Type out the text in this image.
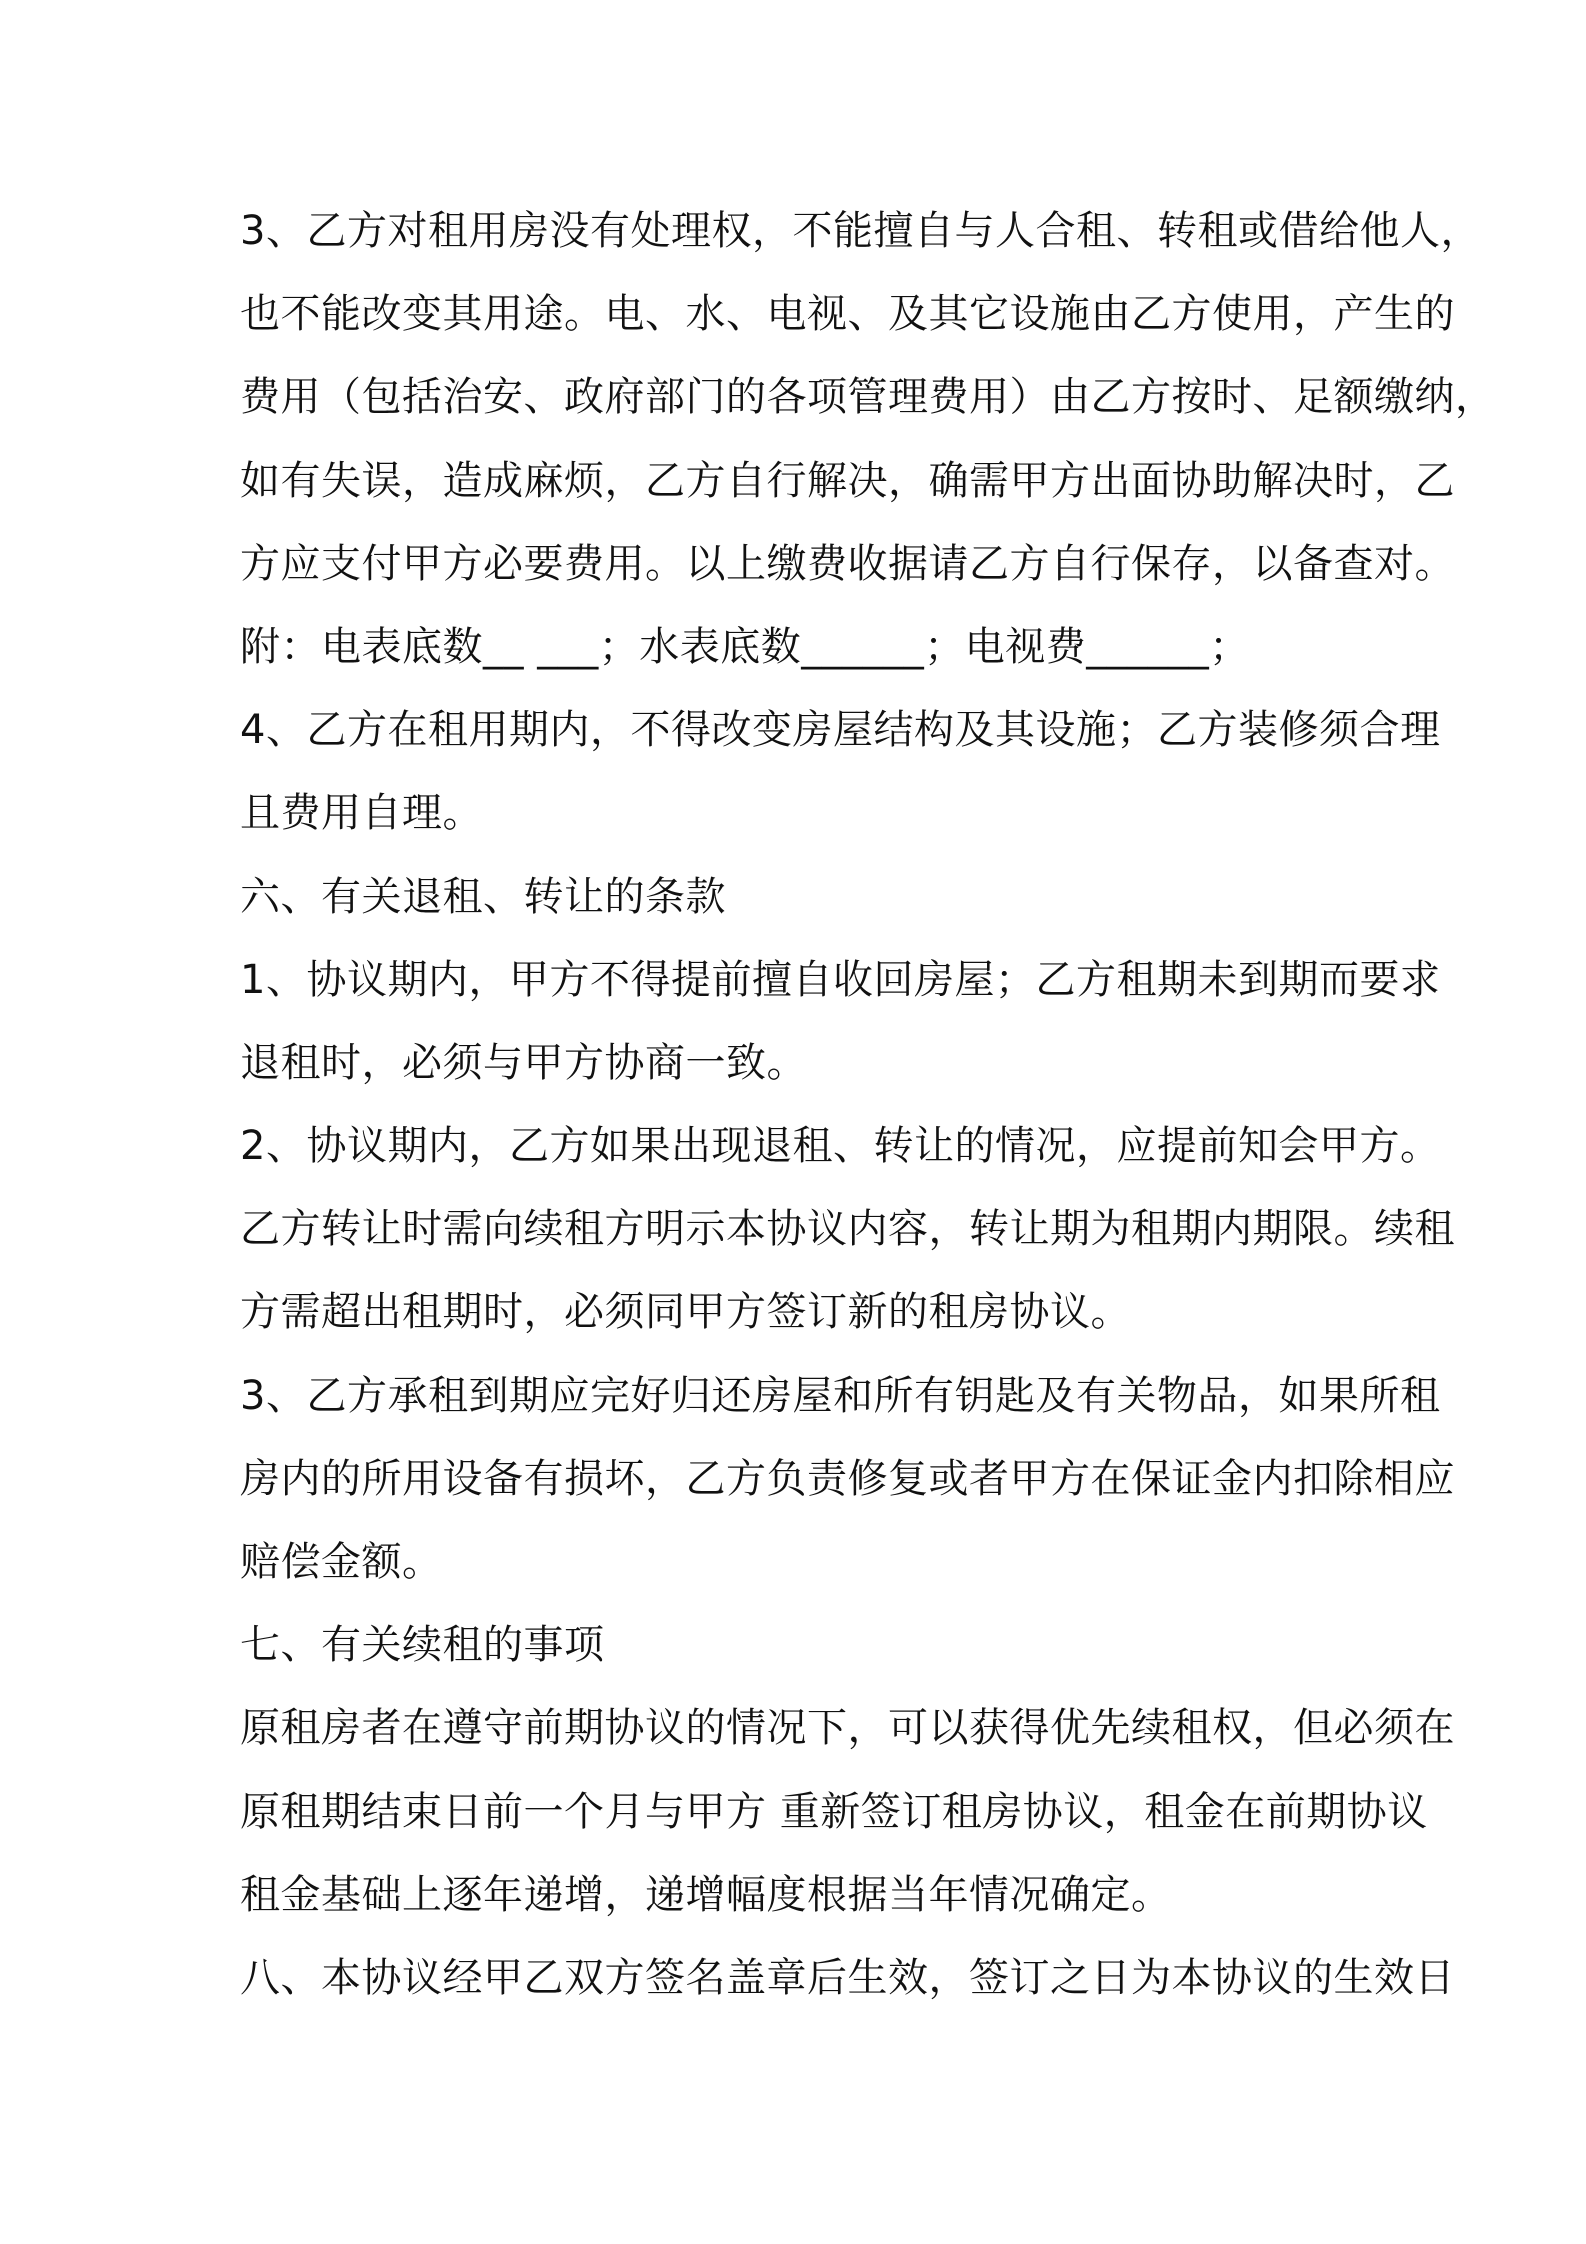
3、乙方对租用房没有处理权，不能擅自与人合租、转租或借给他人，
也不能改变其用途。电、水、电视、及其它设施由乙方使用，产生的
费用（包括治安、政府部门的各项管理费用）由乙方按时、足额缴纳，
如有失误，造成麻烦，乙方自行解决，确需甲方出面协助解决时，乙
方应支付甲方必要费用。以上缴费收据请乙方自行保存，以备查对。
附：电表底数__ ___；水表底数______；电视费______；
4、乙方在租用期内，不得改变房屋结构及其设施；乙方装修须合理
且费用自理。
六、有关退租、转让的条款
1、协议期内，甲方不得提前擅自收回房屋；乙方租期未到期而要求
退租时，必须与甲方协商一致。
2、协议期内，乙方如果出现退租、转让的情况，应提前知会甲方。
乙方转让时需向续租方明示本协议内容，转让期为租期内期限。续租
方需超出租期时，必须同甲方签订新的租房协议。
3、乙方承租到期应完好归还房屋和所有钥匙及有关物品，如果所租
房内的所用设备有损坏，乙方负责修复或者甲方在保证金内扣除相应
赔偿金额。
七、有关续租的事项
原租房者在遵守前期协议的情况下，可以获得优先续租权，但必须在
原租期结束日前一个月与甲方 重新签订租房协议，租金在前期协议
租金基础上逐年递增，递增幅度根据当年情况确定。
八、本协议经甲乙双方签名盖章后生效，签订之日为本协议的生效日
